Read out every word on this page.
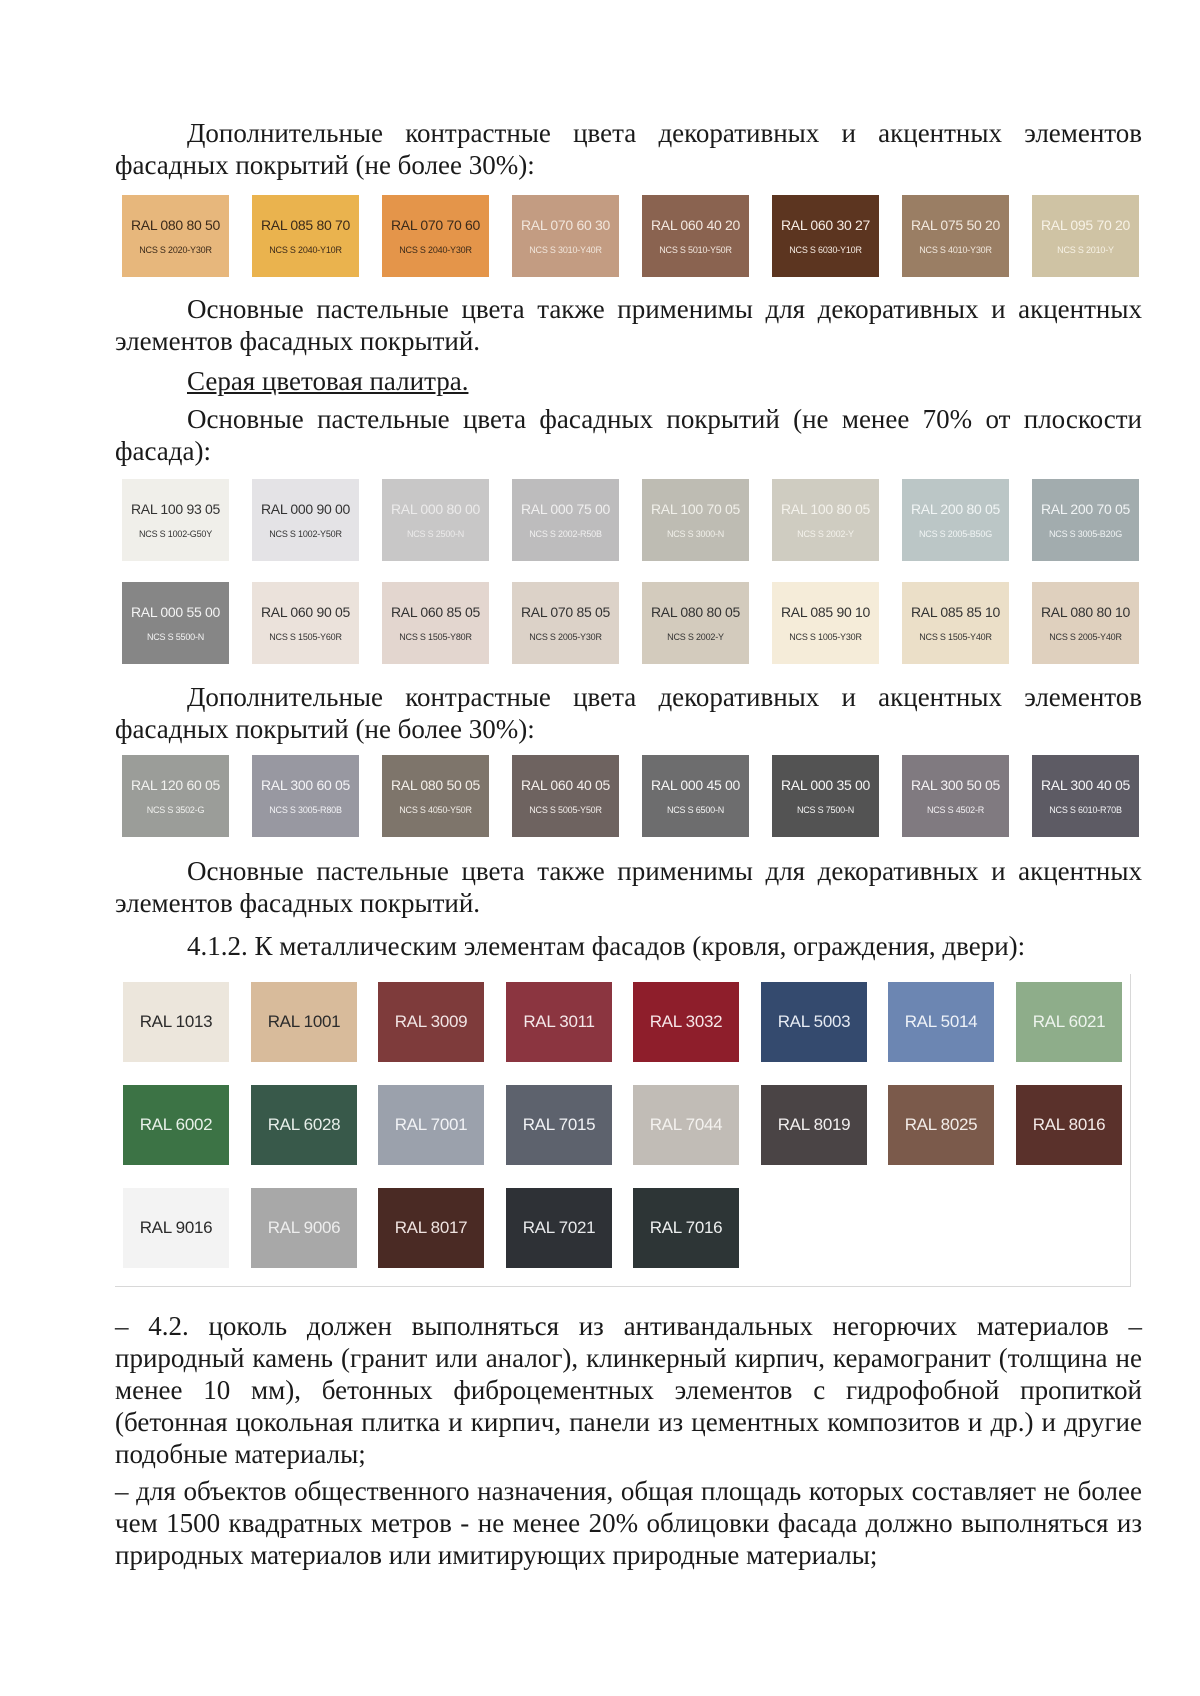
Дополнительные контрастные цвета декоративных и акцентных элементов фасадных покрытий (не более 30%):

Основные пастельные цвета также применимы для декоративных и акцентных элементов фасадных покрытий.

Серая цветовая палитра.

Основные пастельные цвета фасадных покрытий (не менее 70% от плоскости фасада):

Дополнительные контрастные цвета декоративных и акцентных элементов фасадных покрытий (не более 30%):

Основные пастельные цвета также применимы для декоративных и акцентных элементов фасадных покрытий.

4.1.2. К металлическим элементам фасадов (кровля, ограждения, двери):

– 4.2. цоколь должен выполняться из антивандальных негорючих материалов – природный камень (гранит или аналог), клинкерный кирпич, керамогранит (толщина не менее 10 мм), бетонных фиброцементных элементов с гидрофобной пропиткой (бетонная цокольная плитка и кирпич, панели из цементных композитов и др.) и другие подобные материалы;

– для объектов общественного назначения, общая площадь которых составляет не более чем 1500 квадратных метров - не менее 20% облицовки фасада должно выполняться из природных материалов или имитирующих природные материалы;

RAL 080 80 50
NCS S 2020-Y30R
RAL 085 80 70
NCS S 2040-Y10R
RAL 070 70 60
NCS S 2040-Y30R
RAL 070 60 30
NCS S 3010-Y40R
RAL 060 40 20
NCS S 5010-Y50R
RAL 060 30 27
NCS S 6030-Y10R
RAL 075 50 20
NCS S 4010-Y30R
RAL 095 70 20
NCS S 2010-Y
RAL 100 93 05
NCS S 1002-G50Y
RAL 000 90 00
NCS S 1002-Y50R
RAL 000 80 00
NCS S 2500-N
RAL 000 75 00
NCS S 2002-R50B
RAL 100 70 05
NCS S 3000-N
RAL 100 80 05
NCS S 2002-Y
RAL 200 80 05
NCS S 2005-B50G
RAL 200 70 05
NCS S 3005-B20G
RAL 000 55 00
NCS S 5500-N
RAL 060 90 05
NCS S 1505-Y60R
RAL 060 85 05
NCS S 1505-Y80R
RAL 070 85 05
NCS S 2005-Y30R
RAL 080 80 05
NCS S 2002-Y
RAL 085 90 10
NCS S 1005-Y30R
RAL 085 85 10
NCS S 1505-Y40R
RAL 080 80 10
NCS S 2005-Y40R
RAL 120 60 05
NCS S 3502-G
RAL 300 60 05
NCS S 3005-R80B
RAL 080 50 05
NCS S 4050-Y50R
RAL 060 40 05
NCS S 5005-Y50R
RAL 000 45 00
NCS S 6500-N
RAL 000 35 00
NCS S 7500-N
RAL 300 50 05
NCS S 4502-R
RAL 300 40 05
NCS S 6010-R70B
RAL 1013	RAL 1001	RAL 3009	RAL 3011	RAL 3032	RAL 5003	RAL 5014	RAL 6021
RAL 6002	RAL 6028	RAL 7001	RAL 7015	RAL 7044	RAL 8019	RAL 8025	RAL 8016
RAL 9016	RAL 9006	RAL 8017	RAL 7021	RAL 7016
